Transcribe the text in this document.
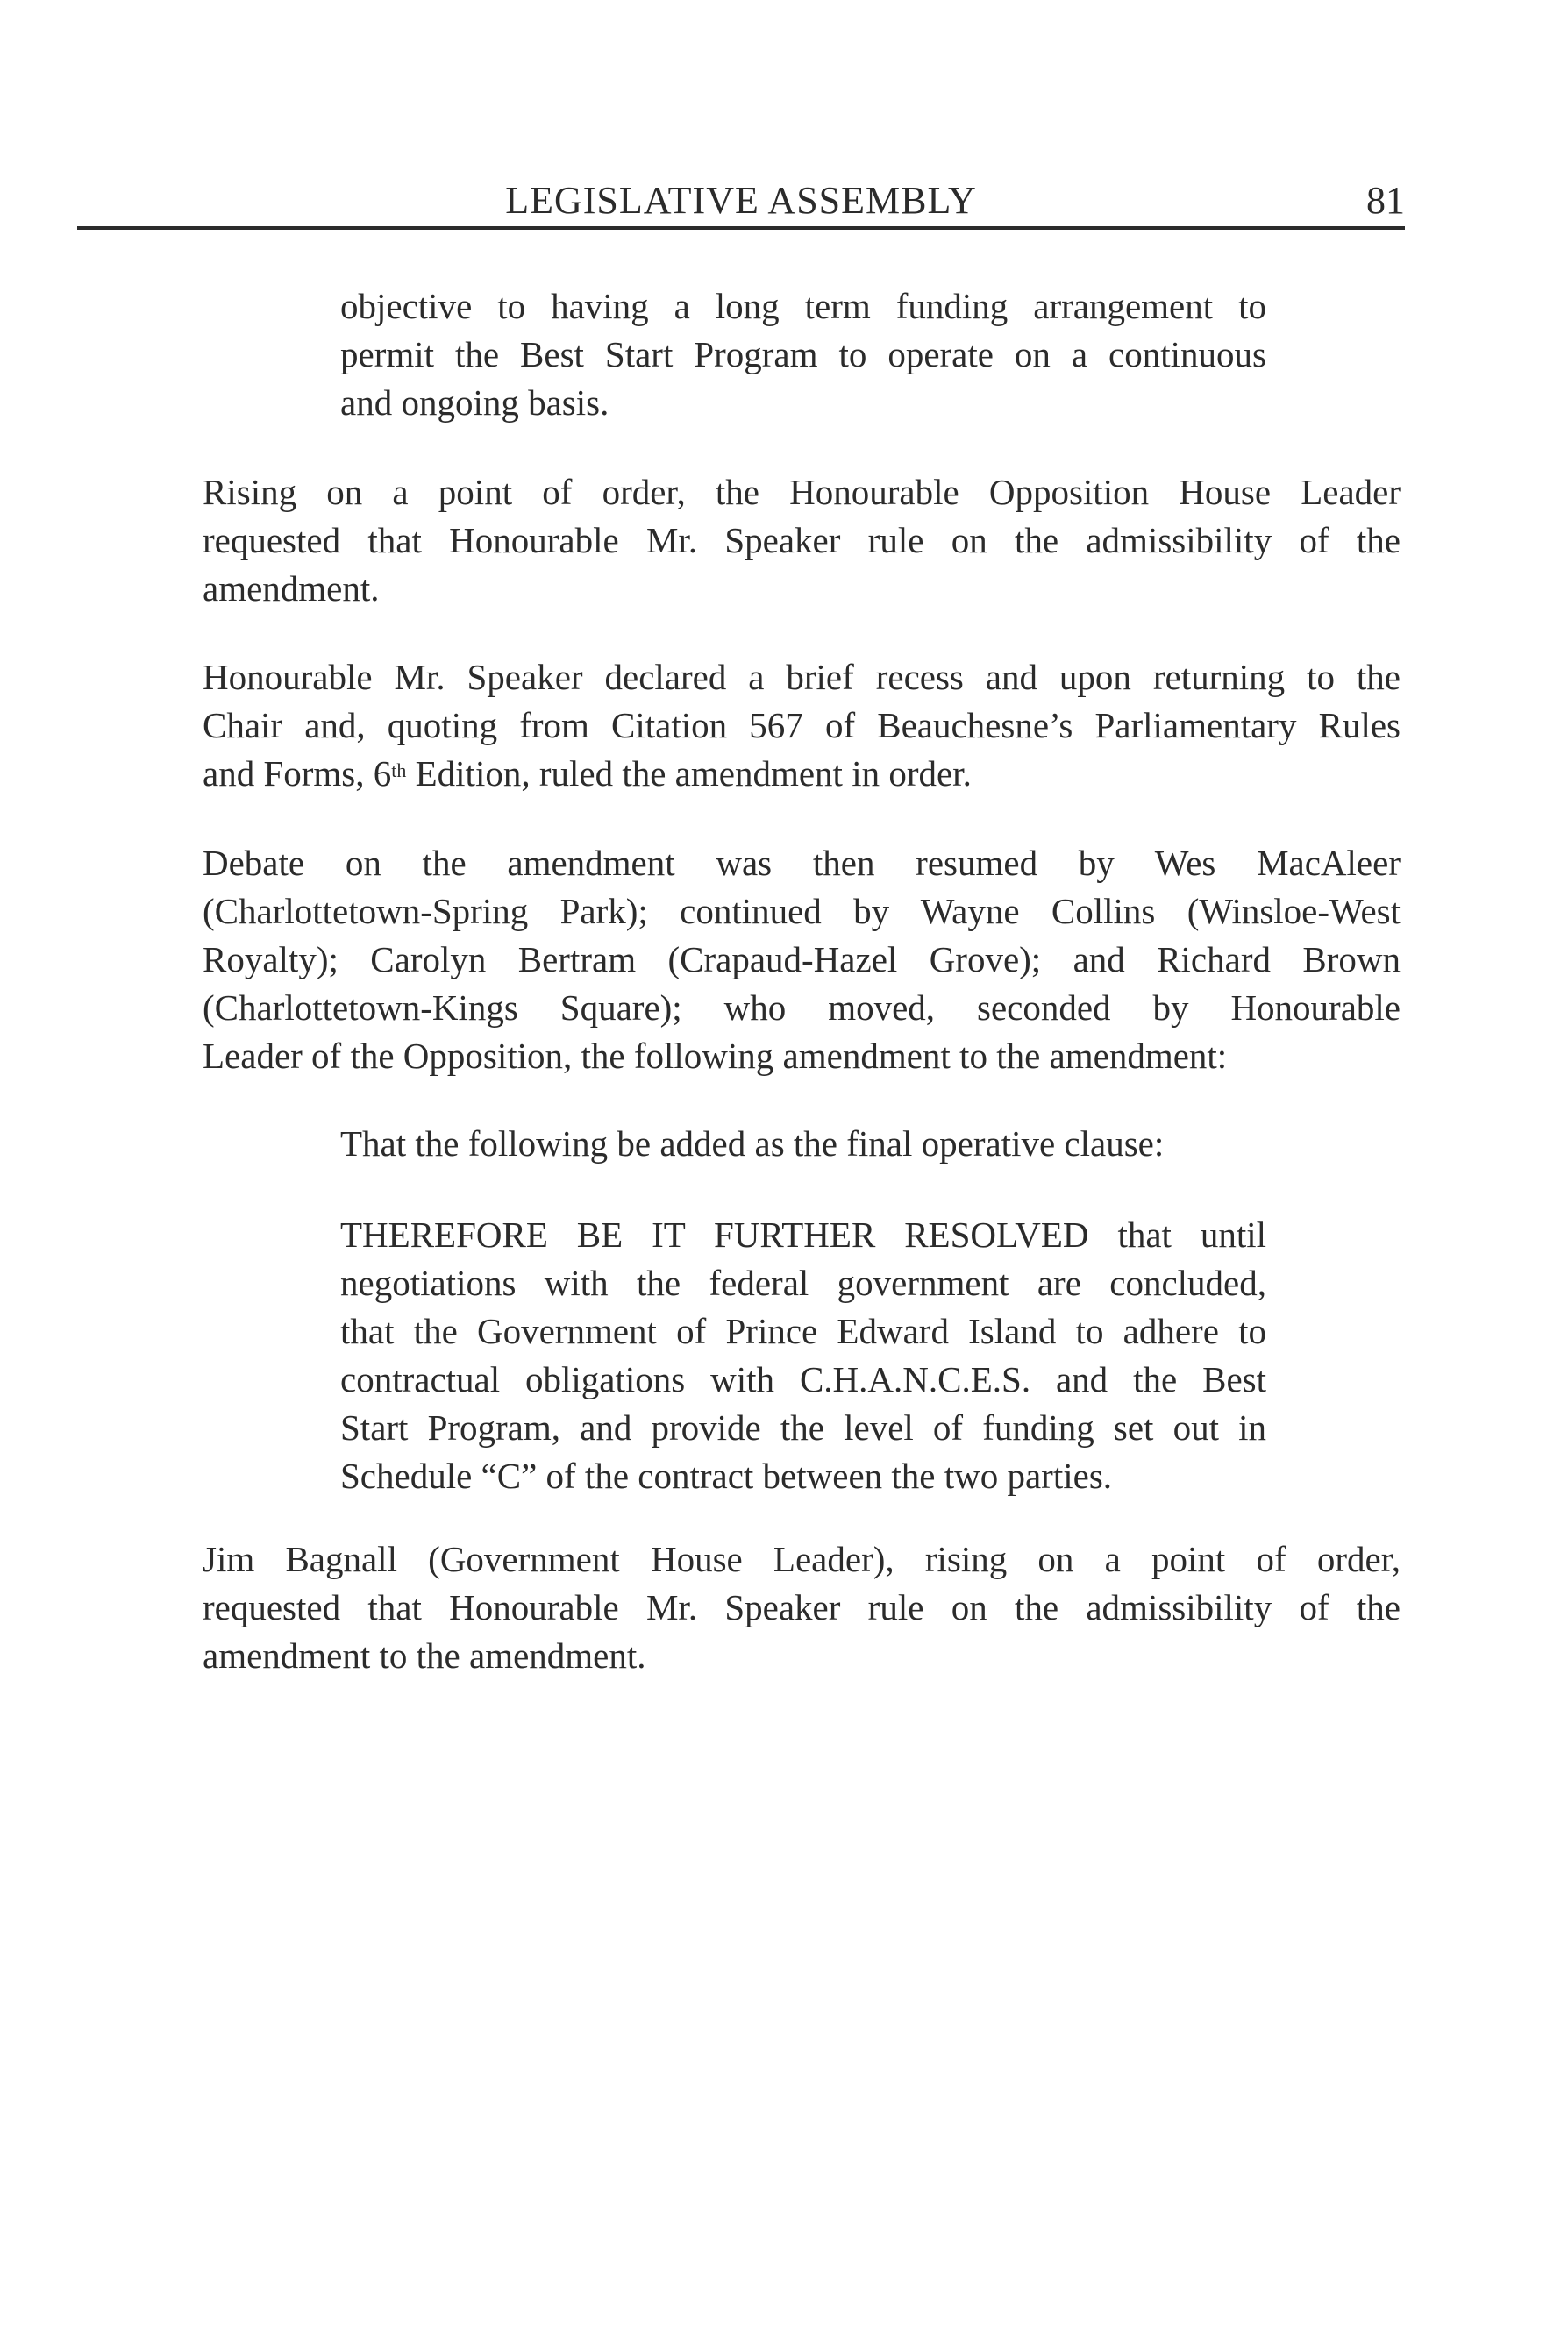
LEGISLATIVE ASSEMBLY	81
objective to having a long term funding arrangement to
permit the Best Start Program to operate on a continuous
and ongoing basis.
Rising on a point of order, the Honourable Opposition House Leader
requested that Honourable Mr. Speaker rule on the admissibility of the
amendment.
Honourable Mr. Speaker declared a brief recess and upon returning to the
Chair and, quoting from Citation 567 of Beauchesne’s Parliamentary Rules
and Forms, 6th Edition, ruled the amendment in order.
Debate on the amendment was then resumed by Wes MacAleer
(Charlottetown-Spring Park); continued by Wayne Collins (Winsloe-West
Royalty); Carolyn Bertram (Crapaud-Hazel Grove); and Richard Brown
(Charlottetown-Kings Square); who moved, seconded by Honourable
Leader of the Opposition, the following amendment to the amendment:
That the following be added as the final operative clause:
THEREFORE BE IT FURTHER RESOLVED that until
negotiations with the federal government are concluded,
that the Government of Prince Edward Island to adhere to
contractual obligations with C.H.A.N.C.E.S. and the Best
Start Program, and provide the level of funding set out in
Schedule “C” of the contract between the two parties.
Jim Bagnall (Government House Leader), rising on a point of order,
requested that Honourable Mr. Speaker rule on the admissibility of the
amendment to the amendment.
